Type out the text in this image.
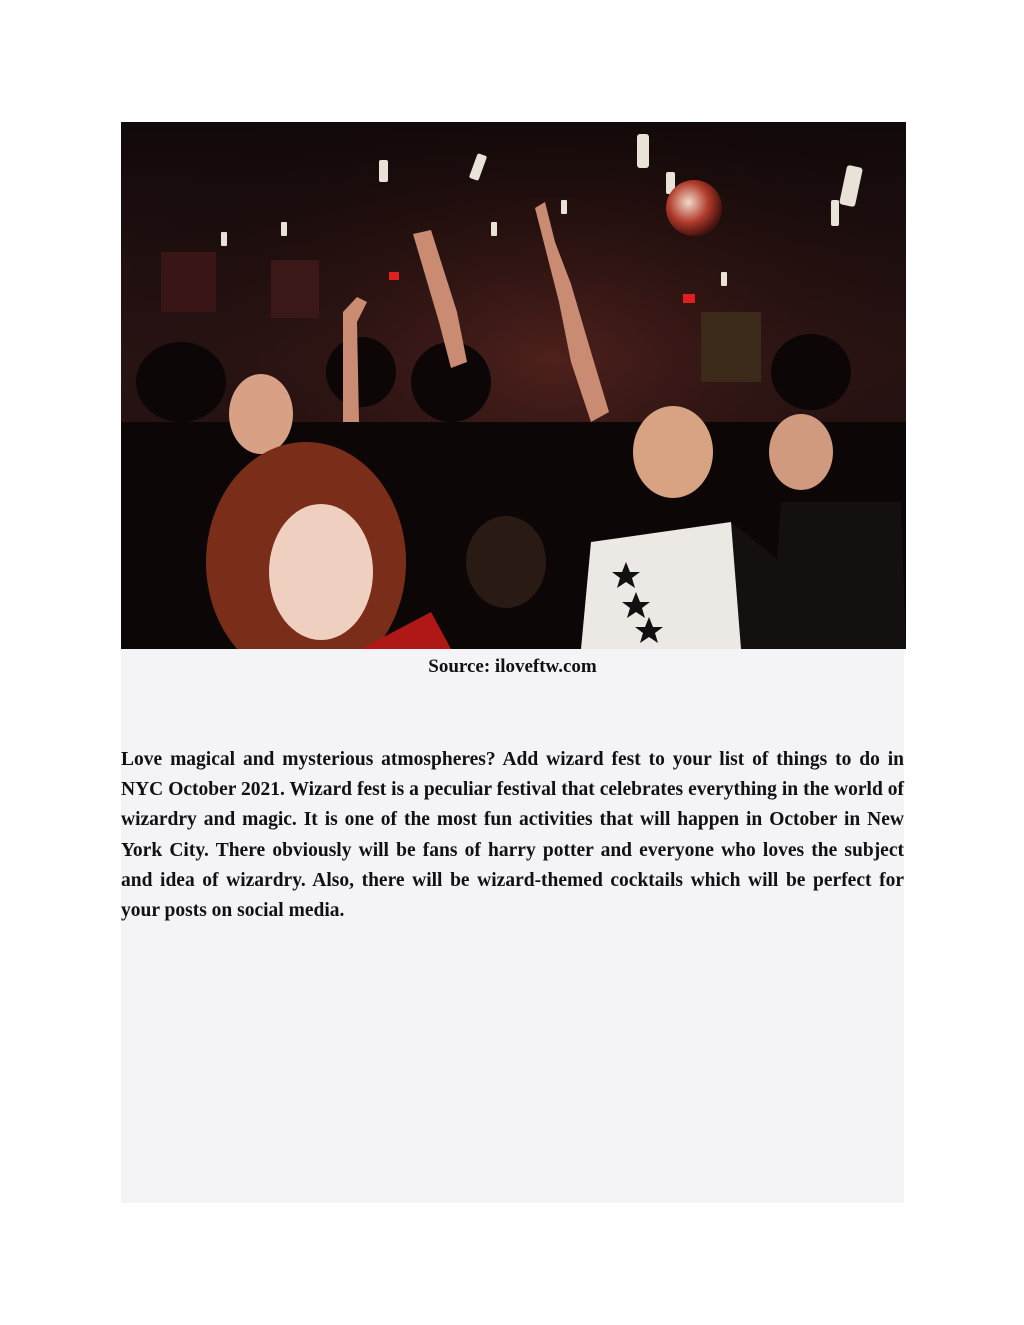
Source: iloveftw.com

Love magical and mysterious atmospheres? Add wizard fest to your list of things to do in NYC October 2021. Wizard fest is a peculiar festival that celebrates everything in the world of wizardry and magic. It is one of the most fun activities that will happen in October in New York City. There obviously will be fans of harry potter and everyone who loves the subject and idea of wizardry. Also, there will be wizard-themed cocktails which will be perfect for your posts on social media.
